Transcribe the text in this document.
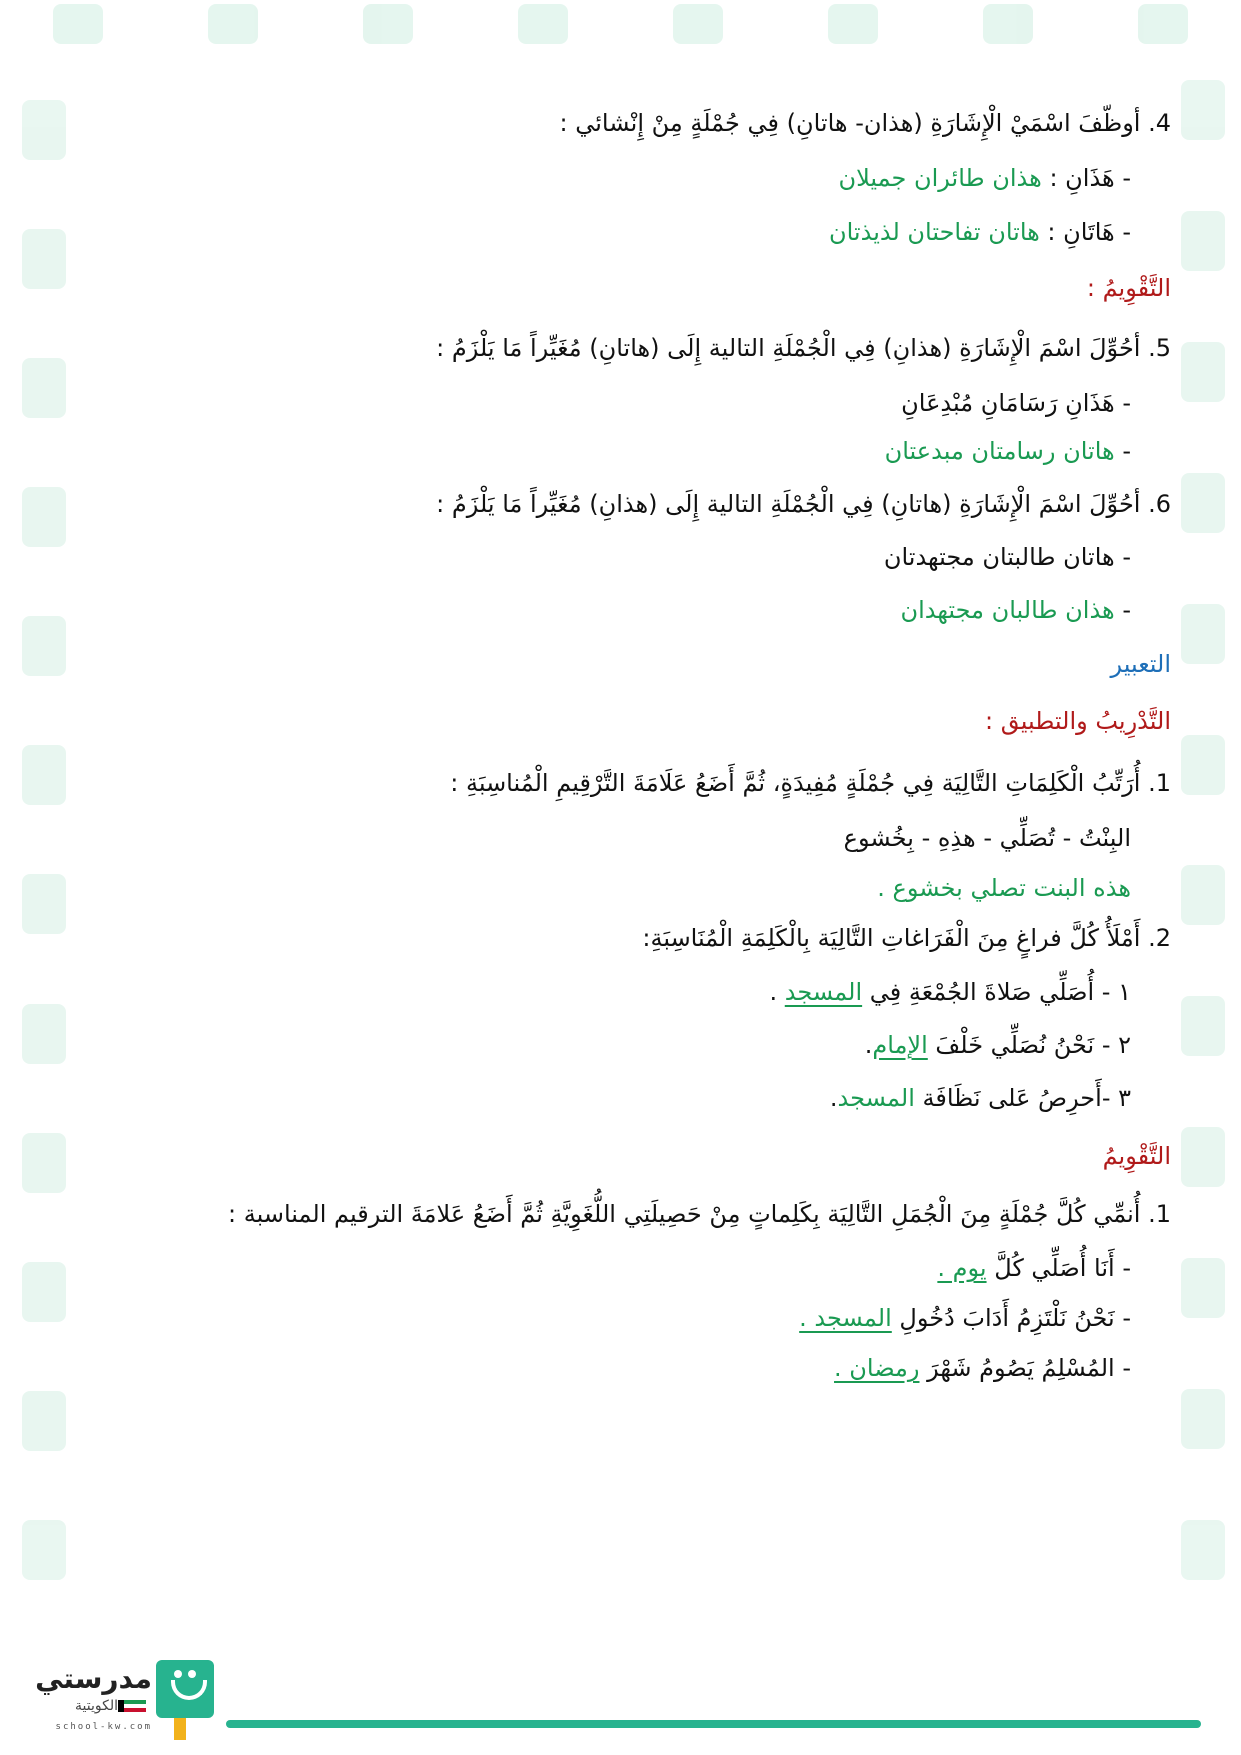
4. أوظّفَ اسْمَيْ الْإِشَارَةِ (هذان- هاتانِ) فِي جُمْلَةٍ مِنْ إِنْشائي :
- هَذَانِ : هذان طائران جميلان
- هَاتَانِ : هاتان تفاحتان لذيذتان
التَّقْوِيمُ :
5. أحُوِّلَ اسْمَ الْإِشَارَةِ (هذانِ) فِي الْجُمْلَةِ التالية إِلَى (هاتانِ) مُغَيِّراً مَا يَلْزَمُ :
- هَذَانِ رَسَامَانِ مُبْدِعَانِ
- هاتان رسامتان مبدعتان
6. أحُوِّلَ اسْمَ الْإِشَارَةِ (هاتانِ) فِي الْجُمْلَةِ التالية إِلَى (هذانِ) مُغَيِّراً مَا يَلْزَمُ :
- هاتان طالبتان مجتهدتان
- هذان طالبان مجتهدان
التعبير
التَّدْرِيبُ والتطبيق :
1. أُرَتِّبُ الْكَلِمَاتِ التَّالِيَة فِي جُمْلَةٍ مُفِيدَةٍ، ثُمَّ أَضَعُ عَلَامَةَ التَّرْقِيمِ الْمُناسِبَةِ :
البِنْتُ - تُصَلِّي - هذِهِ - بِخُشوع
هذه البنت تصلي بخشوع .
2. أَمْلَأُ كُلَّ فراغٍ مِنَ الْفَرَاغاتِ التَّالِيَة بِالْكَلِمَةِ الْمُنَاسِبَةِ:
١ - أُصَلِّي صَلاةَ الجُمْعَةِ فِي المسجد .
٢ - نَحْنُ نُصَلِّي خَلْفَ الإمام.
٣ -أَحرِصُ عَلى نَظَافَة المسجد.
التَّقْوِيمُ
1. أُنمِّي كُلَّ جُمْلَةٍ مِنَ الْجُمَلِ التَّالِيَة بِكَلِماتٍ مِنْ حَصِيلَتِي اللُّغَوِيَّةِ ثُمَّ أَضَعُ عَلامَةَ الترقيم المناسبة :
- أَنَا أُصَلِّي كُلَّ يوم .
- نَحْنُ نَلْتَزِمُ أَدَابَ دُخُولِ المسجد .
- المُسْلِمُ يَصُومُ شَهْرَ رمضان .
مدرستي
الكويتية
school-kw.com
